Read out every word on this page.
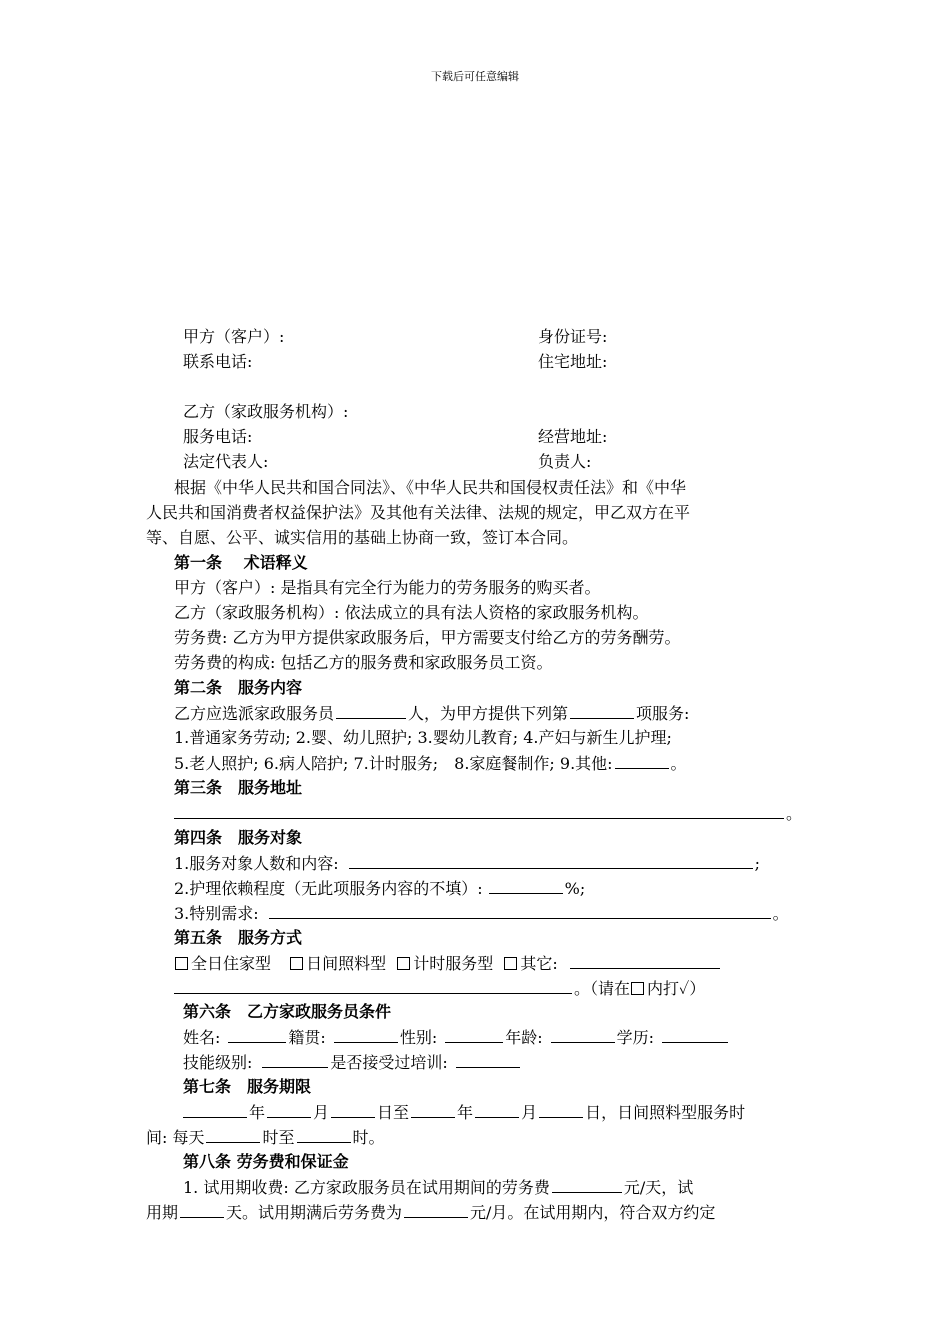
下载后可任意编辑
甲方（客户）:	身份证号:
联系电话:	住宅地址:
乙方（家政服务机构）:
服务电话:	经营地址:
法定代表人:	负责人:
根据《中华人民共和国合同法》、《中华人民共和国侵权责任法》和《中华
人民共和国消费者权益保护法》及其他有关法律、法规的规定，甲乙双方在平
等、自愿、公平、诚实信用的基础上协商一致，签订本合同。
第一条　 术语释义
甲方（客户）: 是指具有完全行为能力的劳务服务的购买者。
乙方（家政服务机构）: 依法成立的具有法人资格的家政服务机构。
劳务费: 乙方为甲方提供家政服务后，甲方需要支付给乙方的劳务酬劳。
劳务费的构成: 包括乙方的服务费和家政服务员工资。
第二条　服务内容
乙方应选派家政服务员	人，为甲方提供下列第	项服务:
1.普通家务劳动; 2.婴、幼儿照护; 3.婴幼儿教育; 4.产妇与新生儿护理;
5.老人照护; 6.病人陪护; 7.计时服务;　8.家庭餐制作; 9.其他:	。
第三条　服务地址
。
第四条　服务对象
1.服务对象人数和内容:	;
2.护理依赖程度（无此项服务内容的不填）:	%;
3.特别需求:	。
第五条　服务方式
全日住家型 日间照料型 计时服务型 其它:
。（请在 内打✓）
第六条　乙方家政服务员条件
姓名:	籍贯:	性别:	年龄:	学历:
技能级别:	是否接受过培训:
第七条　服务期限
年	月	日至	年	月	日，日间照料型服务时
间: 每天	时至	时。
第八条 劳务费和保证金
1. 试用期收费: 乙方家政服务员在试用期间的劳务费	元/天，试
用期	天。试用期满后劳务费为	元/月。在试用期内，符合双方约定
